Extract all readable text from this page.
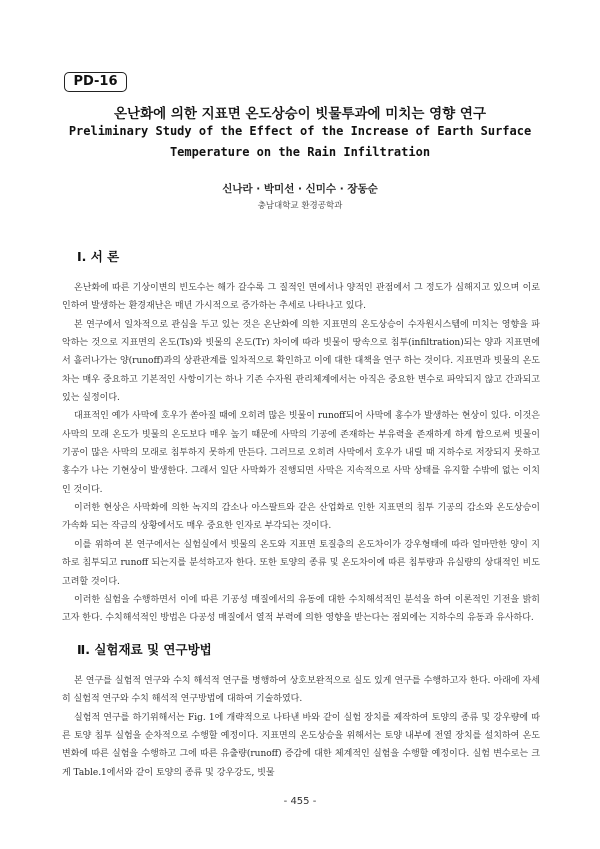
PD-16
온난화에 의한 지표면 온도상승이 빗물투과에 미치는 영향 연구
Preliminary Study of the Effect of the Increase of Earth Surface
Temperature on the Rain Infiltration
신나라 · 박미선 · 신미수 · 장동순
충남대학교 환경공학과
Ⅰ. 서 론

온난화에 따른 기상이변의 빈도수는 해가 갈수록 그 질적인 면에서나 양적인 관점에서 그 정도가 심해지고 있으며 이로 인하여 발생하는 환경재난은 매년 가시적으로 증가하는 추세로 나타나고 있다.

본 연구에서 일차적으로 관심을 두고 있는 것은 온난화에 의한 지표면의 온도상승이 수자원시스템에 미치는 영향을 파악하는 것으로 지표면의 온도(Ts)와 빗물의 온도(Tr) 차이에 따라 빗물이 땅속으로 침투(infiltration)되는 양과 지표면에서 흘러나가는 양(runoff)과의 상관관계를 일차적으로 확인하고 이에 대한 대책을 연구 하는 것이다. 지표면과 빗물의 온도차는 매우 중요하고 기본적인 사항이기는 하나 기존 수자원 관리체계에서는 아직은 중요한 변수로 파악되지 않고 간과되고 있는 실정이다.

대표적인 예가 사막에 호우가 쏟아질 때에 오히려 많은 빗물이 runoff되어 사막에 홍수가 발생하는 현상이 있다. 이것은 사막의 모래 온도가 빗물의 온도보다 매우 높기 때문에 사막의 기공에 존재하는 부유력을 존재하게 하게 함으로써 빗물이 기공이 많은 사막의 모래로 침투하지 못하게 만든다. 그러므로 오히려 사막에서 호우가 내릴 때 지하수로 저장되지 못하고 홍수가 나는 기현상이 발생한다. 그래서 일단 사막화가 진행되면 사막은 지속적으로 사막 상태를 유지할 수밖에 없는 이치인 것이다.

이러한 현상은 사막화에 의한 녹지의 감소나 아스팔트와 같은 산업화로 인한 지표면의 침투 기공의 감소와 온도상승이 가속화 되는 작금의 상황에서도 매우 중요한 인자로 부각되는 것이다.

이를 위하여 본 연구에서는 실험실에서 빗물의 온도와 지표면 토질층의 온도차이가 강우형태에 따라 얼마만한 양이 지하로 침투되고 runoff 되는지를 분석하고자 한다. 또한 토양의 종류 및 온도차이에 따른 침투량과 유실량의 상대적인 비도 고려할 것이다.

이러한 실험을 수행하면서 이에 따른 기공성 매질에서의 유동에 대한 수치해석적인 분석을 하여 이론적인 기전을 밝히고자 한다. 수치해석적인 방법은 다공성 매질에서 열적 부력에 의한 영향을 받는다는 점외에는 지하수의 유동과 유사하다.

Ⅱ. 실험재료 및 연구방법

본 연구를 실험적 연구와 수치 해석적 연구를 병행하여 상호보완적으로 실도 있게 연구를 수행하고자 한다. 아래에 자세히 실험적 연구와 수치 해석적 연구방법에 대하여 기술하였다.

실험적 연구를 하기위해서는 Fig. 1에 개략적으로 나타낸 바와 같이 실험 장치를 제작하여 토양의 종류 및 강우량에 따른 토양 침투 실험을 순차적으로 수행할 예정이다. 지표면의 온도상승을 위해서는 토양 내부에 전열 장치를 설치하여 온도 변화에 따른 실험을 수행하고 그에 따른 유출량(runoff) 증감에 대한 체계적인 실험을 수행할 예정이다. 실험 변수로는 크게 Table.1에서와 같이 토양의 종류 및 강우강도, 빗물

- 455 -
